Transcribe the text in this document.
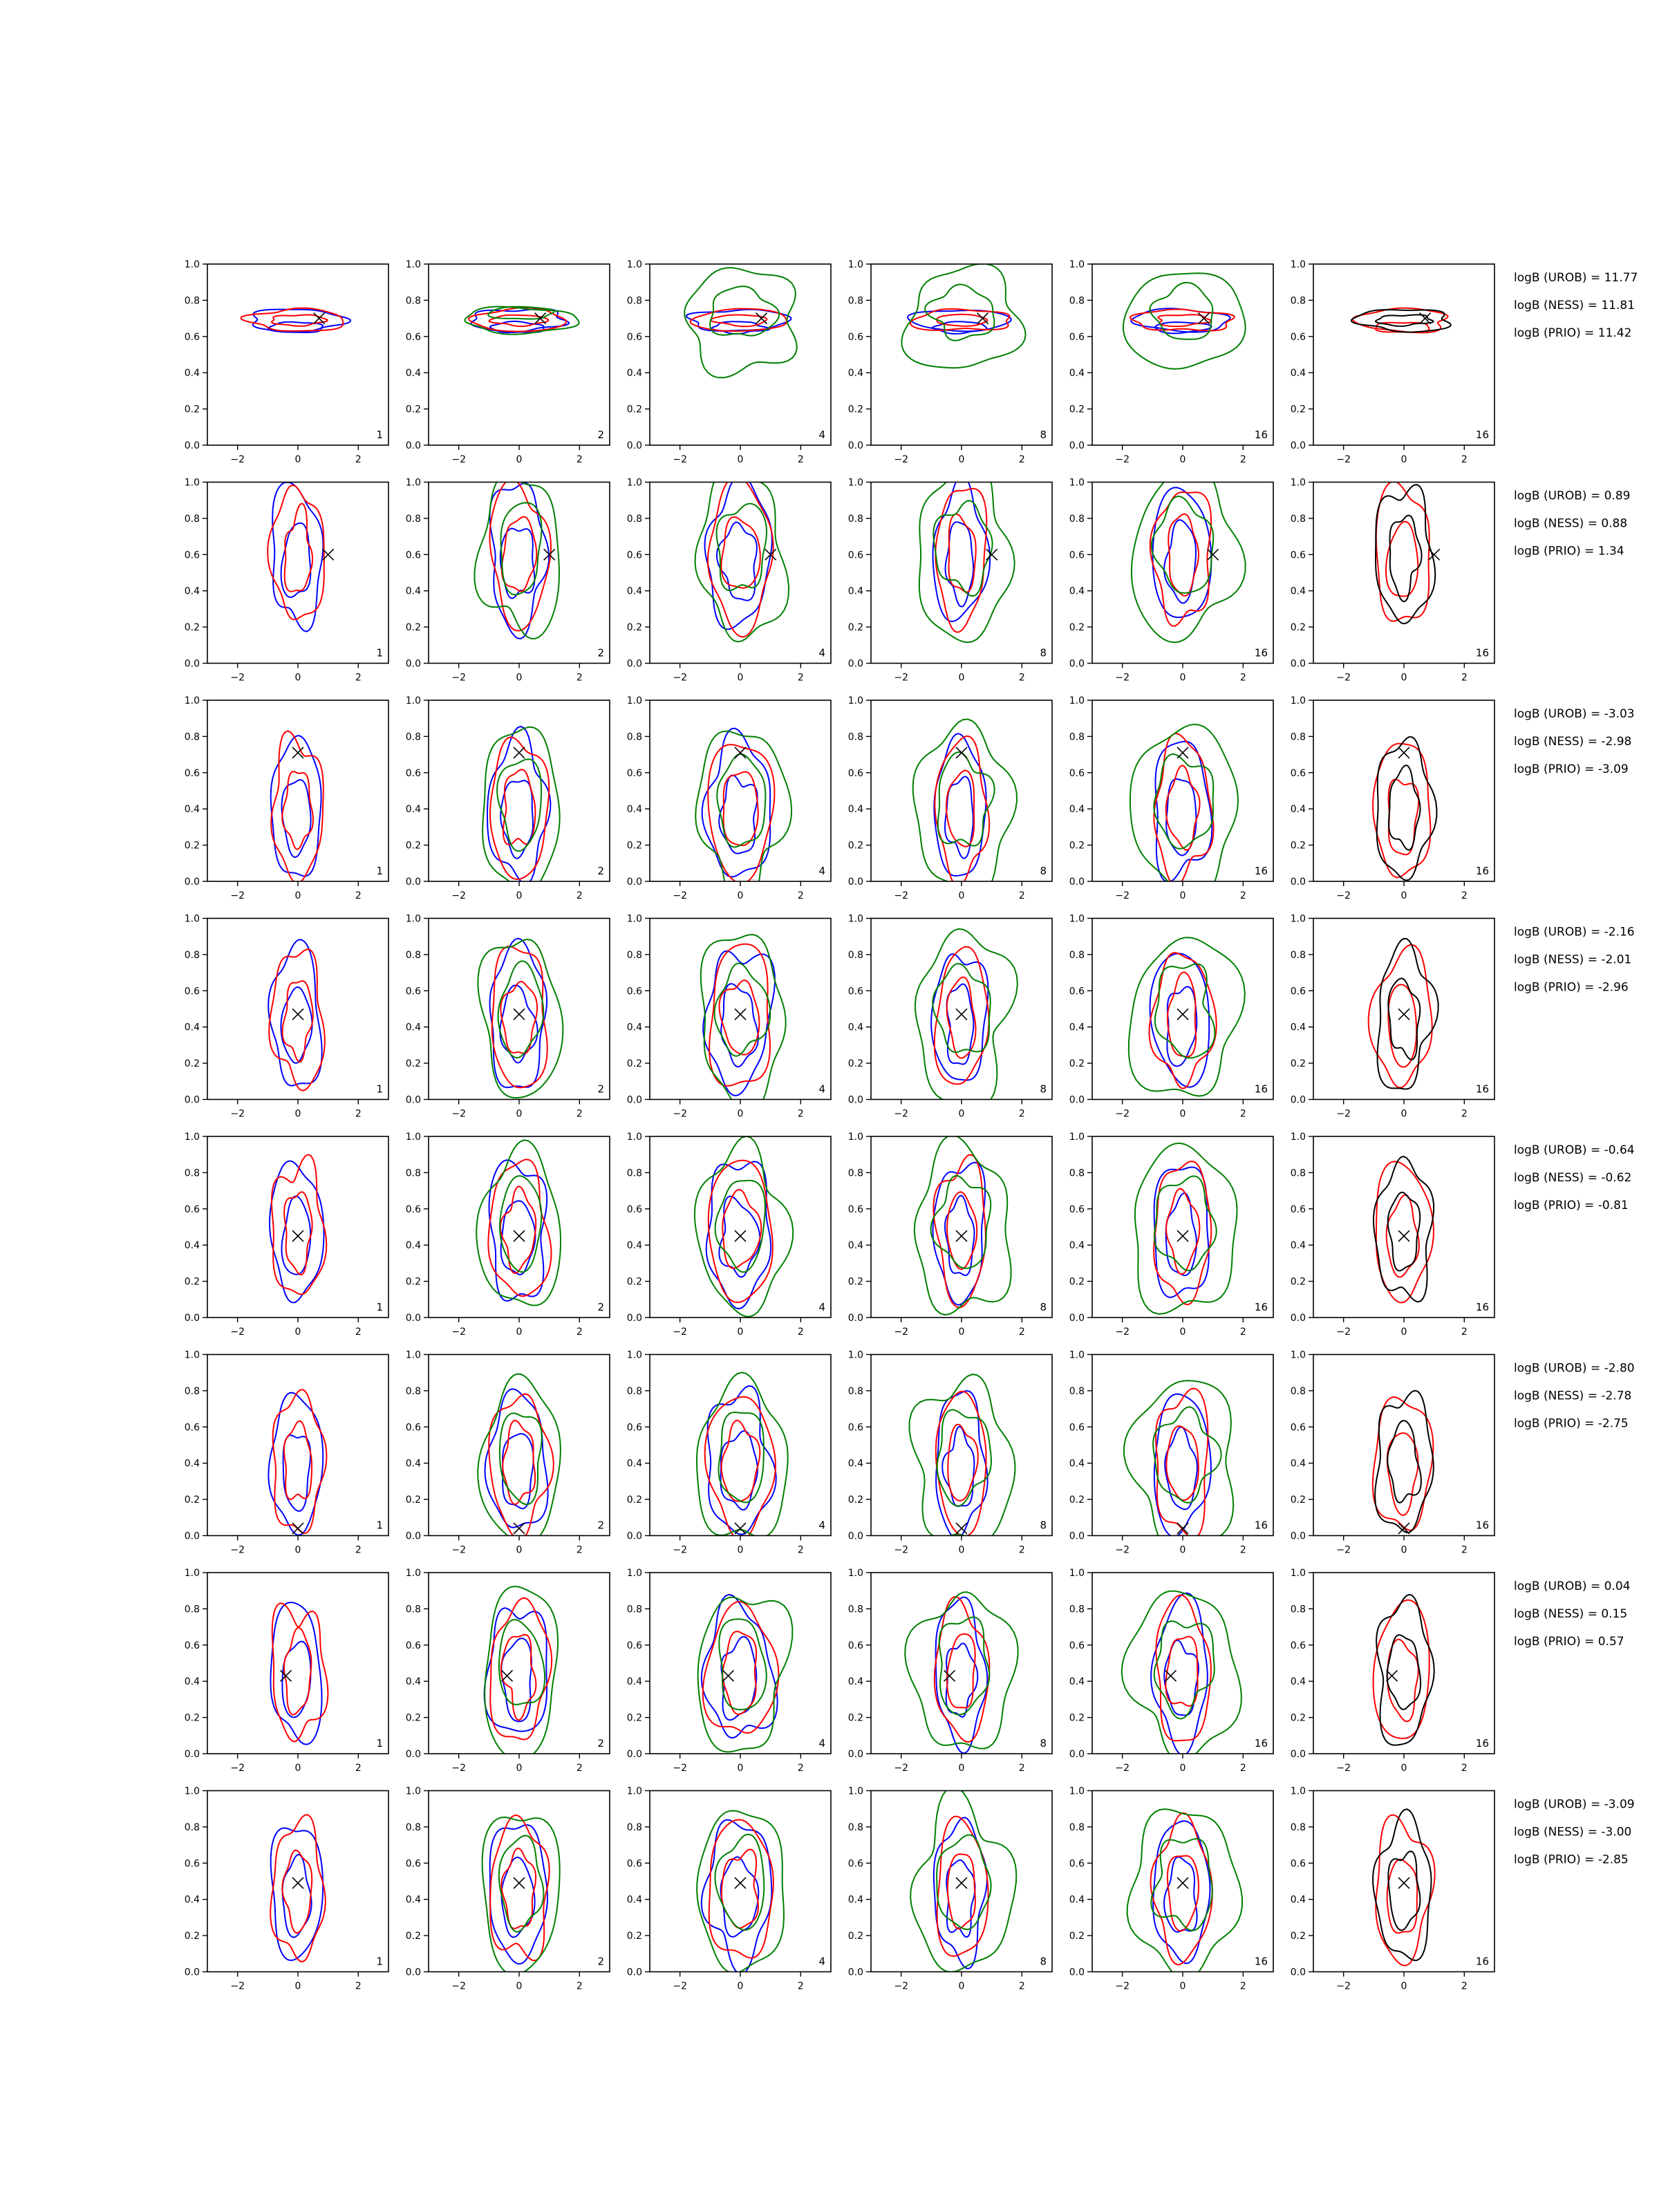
−2	0	2
0.0
0.2
0.4
0.6
0.8
1.0
1
−2	0	2
0.0
0.2
0.4
0.6
0.8
1.0
2
−2	0	2
0.0
0.2
0.4
0.6
0.8
1.0
4
−2	0	2
0.0
0.2
0.4
0.6
0.8
1.0
8
−2	0	2
0.0
0.2
0.4
0.6
0.8
1.0
16
−2	0	2
0.0
0.2
0.4
0.6
0.8
1.0
16
−2	0	2
0.0
0.2
0.4
0.6
0.8
1.0
1
−2	0	2
0.0
0.2
0.4
0.6
0.8
1.0
2
−2	0	2
0.0
0.2
0.4
0.6
0.8
1.0
4
−2	0	2
0.0
0.2
0.4
0.6
0.8
1.0
8
−2	0	2
0.0
0.2
0.4
0.6
0.8
1.0
16
−2	0	2
0.0
0.2
0.4
0.6
0.8
1.0
16
−2	0	2
0.0
0.2
0.4
0.6
0.8
1.0
1
−2	0	2
0.0
0.2
0.4
0.6
0.8
1.0
2
−2	0	2
0.0
0.2
0.4
0.6
0.8
1.0
4
−2	0	2
0.0
0.2
0.4
0.6
0.8
1.0
8
−2	0	2
0.0
0.2
0.4
0.6
0.8
1.0
16
−2	0	2
0.0
0.2
0.4
0.6
0.8
1.0
16
−2	0	2
0.0
0.2
0.4
0.6
0.8
1.0
1
−2	0	2
0.0
0.2
0.4
0.6
0.8
1.0
2
−2	0	2
0.0
0.2
0.4
0.6
0.8
1.0
4
−2	0	2
0.0
0.2
0.4
0.6
0.8
1.0
8
−2	0	2
0.0
0.2
0.4
0.6
0.8
1.0
16
−2	0	2
0.0
0.2
0.4
0.6
0.8
1.0
16
−2	0	2
0.0
0.2
0.4
0.6
0.8
1.0
1
−2	0	2
0.0
0.2
0.4
0.6
0.8
1.0
2
−2	0	2
0.0
0.2
0.4
0.6
0.8
1.0
4
−2	0	2
0.0
0.2
0.4
0.6
0.8
1.0
8
−2	0	2
0.0
0.2
0.4
0.6
0.8
1.0
16
−2	0	2
0.0
0.2
0.4
0.6
0.8
1.0
16
−2	0	2
0.0
0.2
0.4
0.6
0.8
1.0
1
−2	0	2
0.0
0.2
0.4
0.6
0.8
1.0
2
−2	0	2
0.0
0.2
0.4
0.6
0.8
1.0
4
−2	0	2
0.0
0.2
0.4
0.6
0.8
1.0
8
−2	0	2
0.0
0.2
0.4
0.6
0.8
1.0
16
−2	0	2
0.0
0.2
0.4
0.6
0.8
1.0
16
−2	0	2
0.0
0.2
0.4
0.6
0.8
1.0
1
−2	0	2
0.0
0.2
0.4
0.6
0.8
1.0
2
−2	0	2
0.0
0.2
0.4
0.6
0.8
1.0
4
−2	0	2
0.0
0.2
0.4
0.6
0.8
1.0
8
−2	0	2
0.0
0.2
0.4
0.6
0.8
1.0
16
−2	0	2
0.0
0.2
0.4
0.6
0.8
1.0
16
−2	0	2
0.0
0.2
0.4
0.6
0.8
1.0
1
−2	0	2
0.0
0.2
0.4
0.6
0.8
1.0
2
−2	0	2
0.0
0.2
0.4
0.6
0.8
1.0
4
−2	0	2
0.0
0.2
0.4
0.6
0.8
1.0
8
−2	0	2
0.0
0.2
0.4
0.6
0.8
1.0
16
−2	0	2
0.0
0.2
0.4
0.6
0.8
1.0
16
logB (UROB) = 11.77
logB (NESS) = 11.81
logB (PRIO) = 11.42
logB (UROB) = 0.89
logB (NESS) = 0.88
logB (PRIO) = 1.34
logB (UROB) = -3.03
logB (NESS) = -2.98
logB (PRIO) = -3.09
logB (UROB) = -2.16
logB (NESS) = -2.01
logB (PRIO) = -2.96
logB (UROB) = -0.64
logB (NESS) = -0.62
logB (PRIO) = -0.81
logB (UROB) = -2.80
logB (NESS) = -2.78
logB (PRIO) = -2.75
logB (UROB) = 0.04
logB (NESS) = 0.15
logB (PRIO) = 0.57
logB (UROB) = -3.09
logB (NESS) = -3.00
logB (PRIO) = -2.85
